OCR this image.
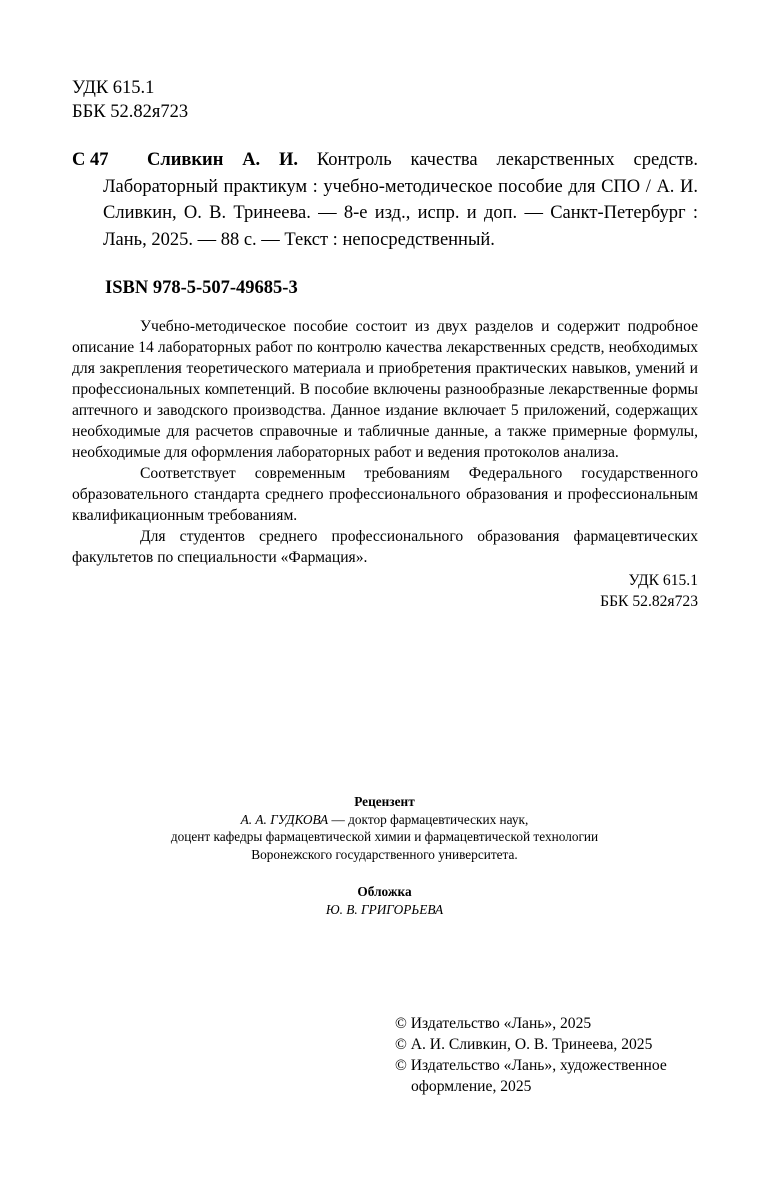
УДК 615.1
ББК 52.82я723
С 47	Сливкин А. И. Контроль качества лекарственных средств. Лабораторный практикум : учебно-методическое пособие для СПО / А. И. Сливкин, О. В. Тринеева. — 8-е изд., испр. и доп. — Санкт-Петербург : Лань, 2025. — 88 с. — Текст : непосредственный.
ISBN 978-5-507-49685-3

Учебно-методическое пособие состоит из двух разделов и содержит подробное описание 14 лабораторных работ по контролю качества лекарственных средств, необходимых для закрепления теоретического материала и приобретения практических навыков, умений и профессиональных компетенций. В пособие включены разнообразные лекарственные формы аптечного и заводского производства. Данное издание включает 5 приложений, содержащих необходимые для расчетов справочные и табличные данные, а также примерные формулы, необходимые для оформления лабораторных работ и ведения протоколов анализа.

Соответствует современным требованиям Федерального государственного образовательного стандарта среднего профессионального образования и профессиональным квалификационным требованиям.

Для студентов среднего профессионального образования фармацевтических факультетов по специальности «Фармация».

УДК 615.1
ББК 52.82я723
Рецензент
А. А. ГУДКОВА — доктор фармацевтических наук,
доцент кафедры фармацевтической химии и фармацевтической технологии
Воронежского государственного университета.
Обложка
Ю. В. ГРИГОРЬЕВА
© Издательство «Лань», 2025
© А. И. Сливкин, О. В. Тринеева, 2025
© Издательство «Лань», художественное оформление, 2025
